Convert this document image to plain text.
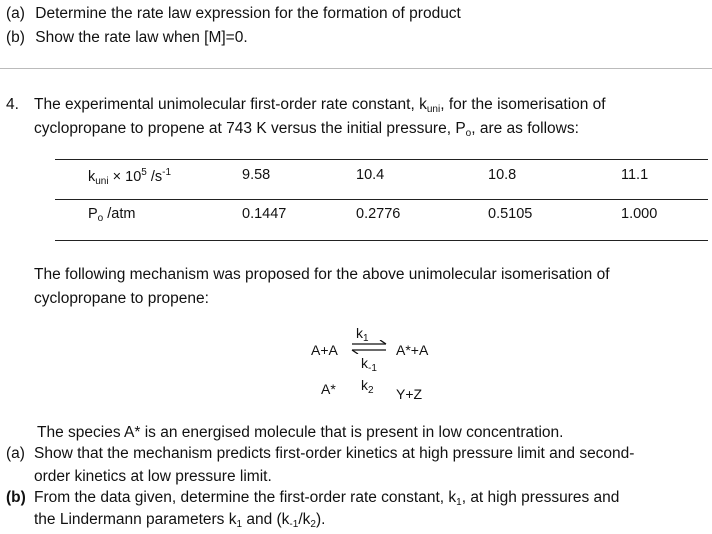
(a) Determine the rate law expression for the formation of product
(b) Show the rate law when [M]=0.
4. The experimental unimolecular first-order rate constant, kuni, for the isomerisation of
cyclopropane to propene at 743 K versus the initial pressure, Po, are as follows:
$k_{uni} \times 10^5$ $/s^{-1}$	9.58	10.4	10.8	11.1
$P_o$ /atm	0.1447	0.2776	0.5105	1.000
The following mechanism was proposed for the above unimolecular isomerisation of
cyclopropane to propene:
A+A
$k_1$
$k_{-1}$
A*+A
A* $k_2$ Y+Z
The species A* is an energised molecule that is present in low concentration.
(a) Show that the mechanism predicts first-order kinetics at high pressure limit and second-
order kinetics at low pressure limit.
(b) From the data given, determine the first-order rate constant, k1, at high pressures and
the Lindermann parameters k1 and (k-1/k2).
